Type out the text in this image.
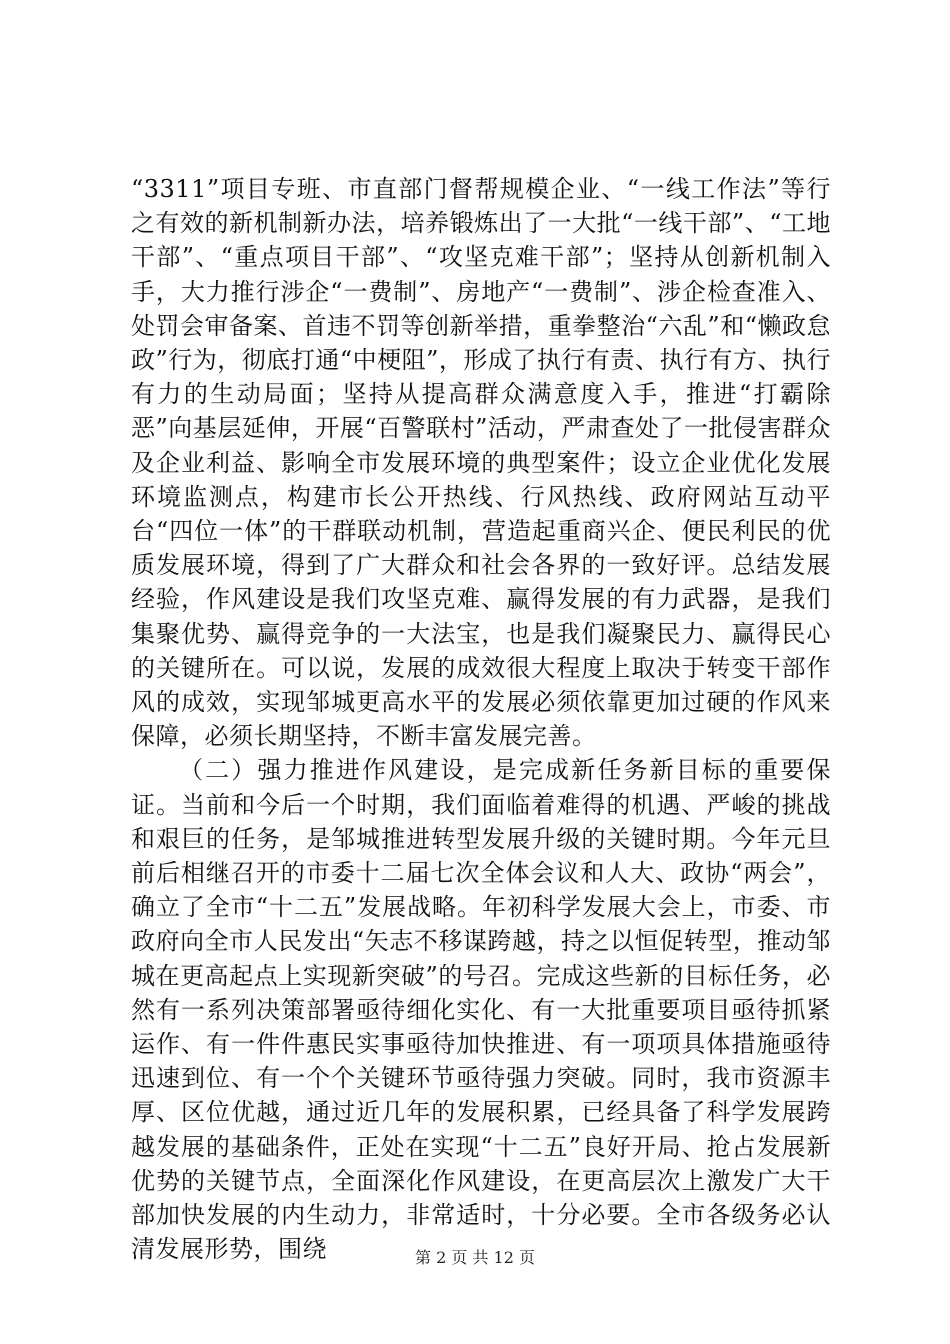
“3311”项目专班、市直部门督帮规模企业、“一线工作法”等行之有效的新机制新办法，培养锻炼出了一大批“一线干部”、“工地干部”、“重点项目干部”、“攻坚克难干部”；坚持从创新机制入手，大力推行涉企“一费制”、房地产“一费制”、涉企检查准入、处罚会审备案、首违不罚等创新举措，重拳整治“六乱”和“懒政怠政”行为，彻底打通“中梗阻”，形成了执行有责、执行有方、执行有力的生动局面；坚持从提高群众满意度入手，推进“打霸除恶”向基层延伸，开展“百警联村”活动，严肃查处了一批侵害群众及企业利益、影响全市发展环境的典型案件；设立企业优化发展环境监测点，构建市长公开热线、行风热线、政府网站互动平台“四位一体”的干群联动机制，营造起重商兴企、便民利民的优质发展环境，得到了广大群众和社会各界的一致好评。总结发展经验，作风建设是我们攻坚克难、赢得发展的有力武器，是我们集聚优势、赢得竞争的一大法宝，也是我们凝聚民力、赢得民心的关键所在。可以说，发展的成效很大程度上取决于转变干部作风的成效，实现邹城更高水平的发展必须依靠更加过硬的作风来保障，必须长期坚持，不断丰富发展完善。

（二）强力推进作风建设，是完成新任务新目标的重要保证。当前和今后一个时期，我们面临着难得的机遇、严峻的挑战和艰巨的任务，是邹城推进转型发展升级的关键时期。今年元旦前后相继召开的市委十二届七次全体会议和人大、政协“两会”，确立了全市“十二五”发展战略。年初科学发展大会上，市委、市政府向全市人民发出“矢志不移谋跨越，持之以恒促转型，推动邹城在更高起点上实现新突破”的号召。完成这些新的目标任务，必然有一系列决策部署亟待细化实化、有一大批重要项目亟待抓紧运作、有一件件惠民实事亟待加快推进、有一项项具体措施亟待迅速到位、有一个个关键环节亟待强力突破。同时，我市资源丰厚、区位优越，通过近几年的发展积累，已经具备了科学发展跨越发展的基础条件，正处在实现“十二五”良好开局、抢占发展新优势的关键节点，全面深化作风建设，在更高层次上激发广大干部加快发展的内生动力，非常适时，十分必要。全市各级务必认清发展形势，围绕	第 2 页 共 12 页
